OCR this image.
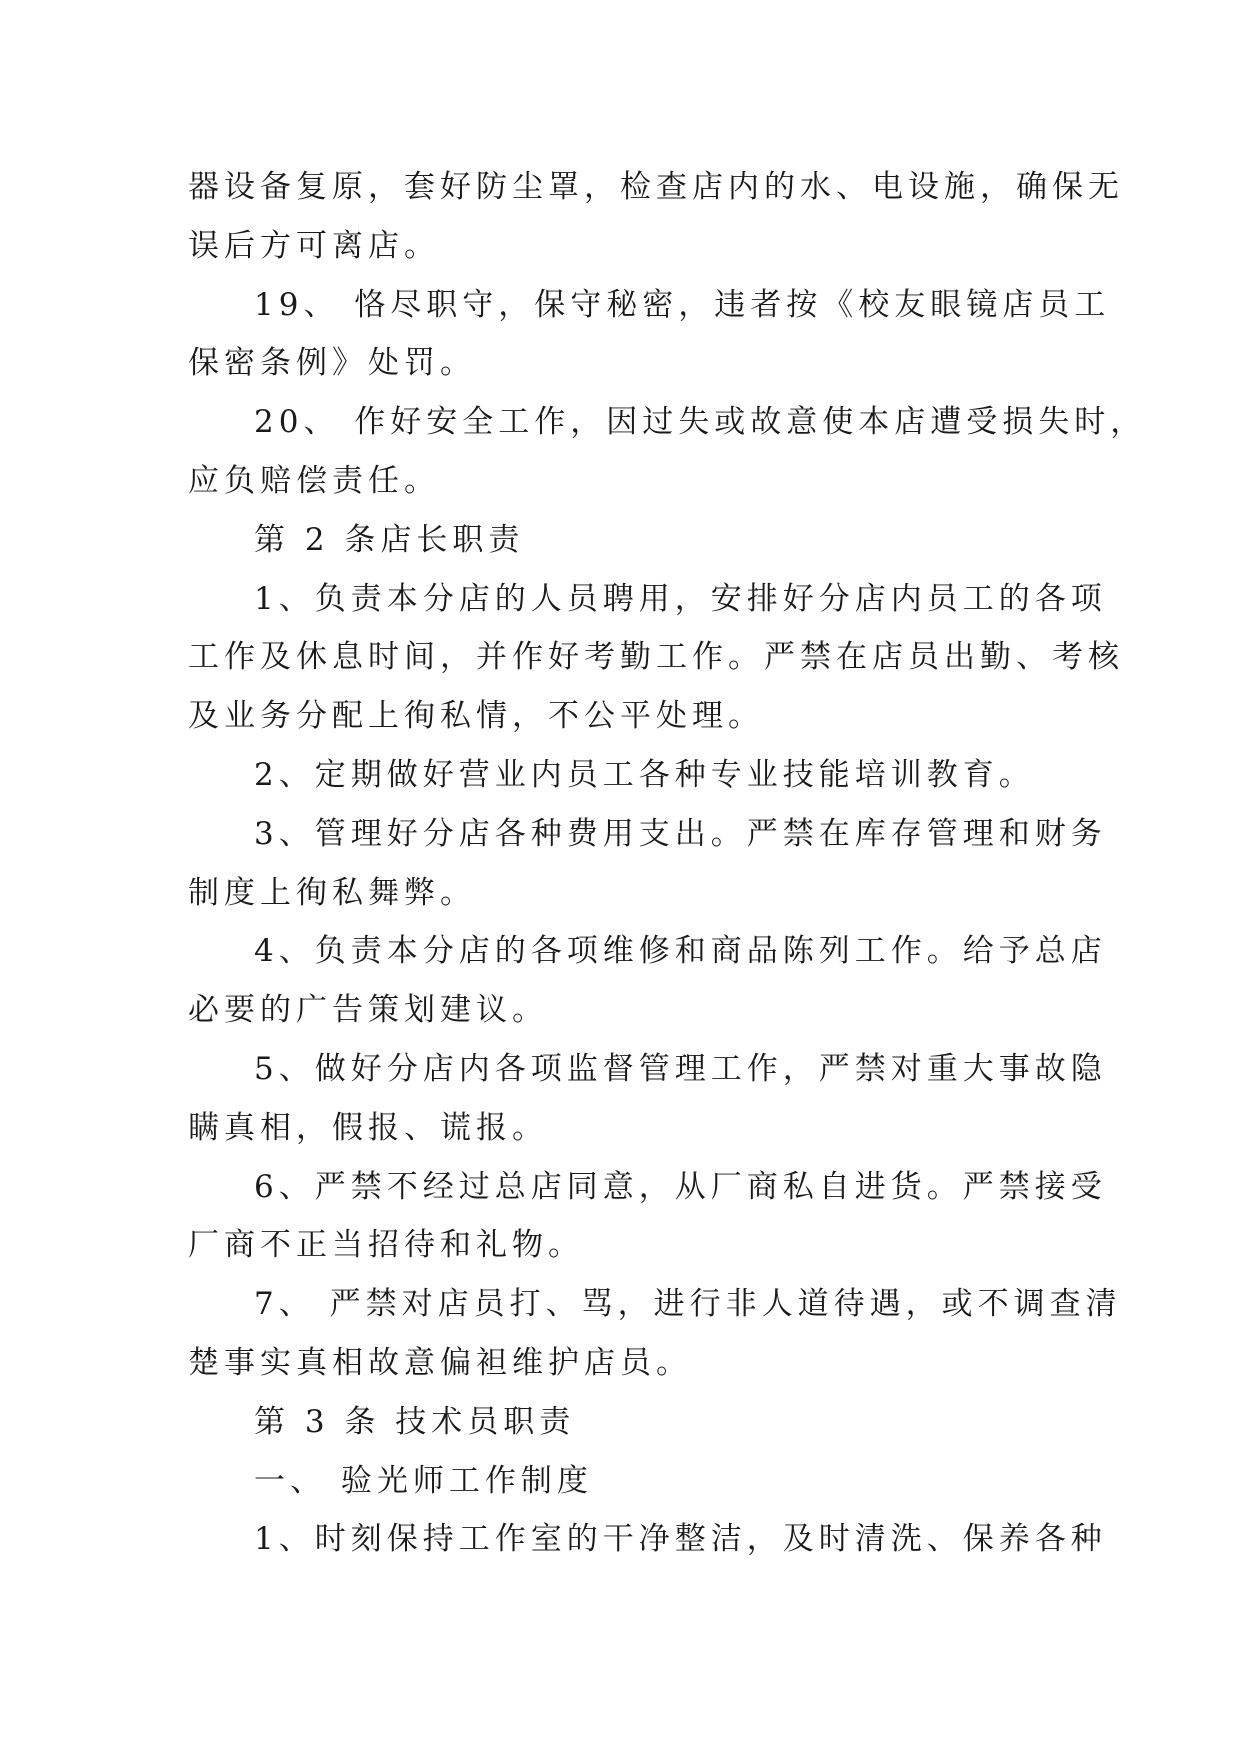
器设备复原，套好防尘罩，检查店内的水、电设施，确保无
误后方可离店。
19、 恪尽职守，保守秘密，违者按《校友眼镜店员工
保密条例》处罚。
20、 作好安全工作，因过失或故意使本店遭受损失时，
应负赔偿责任。
第 2 条店长职责
1、负责本分店的人员聘用，安排好分店内员工的各项
工作及休息时间，并作好考勤工作。严禁在店员出勤、考核
及业务分配上徇私情，不公平处理。
2、定期做好营业内员工各种专业技能培训教育。
3、管理好分店各种费用支出。严禁在库存管理和财务
制度上徇私舞弊。
4、负责本分店的各项维修和商品陈列工作。给予总店
必要的广告策划建议。
5、做好分店内各项监督管理工作，严禁对重大事故隐
瞒真相，假报、谎报。
6、严禁不经过总店同意，从厂商私自进货。严禁接受
厂商不正当招待和礼物。
7、 严禁对店员打、骂，进行非人道待遇，或不调查清
楚事实真相故意偏袒维护店员。
第 3 条 技术员职责
一、 验光师工作制度
1、时刻保持工作室的干净整洁，及时清洗、保养各种
